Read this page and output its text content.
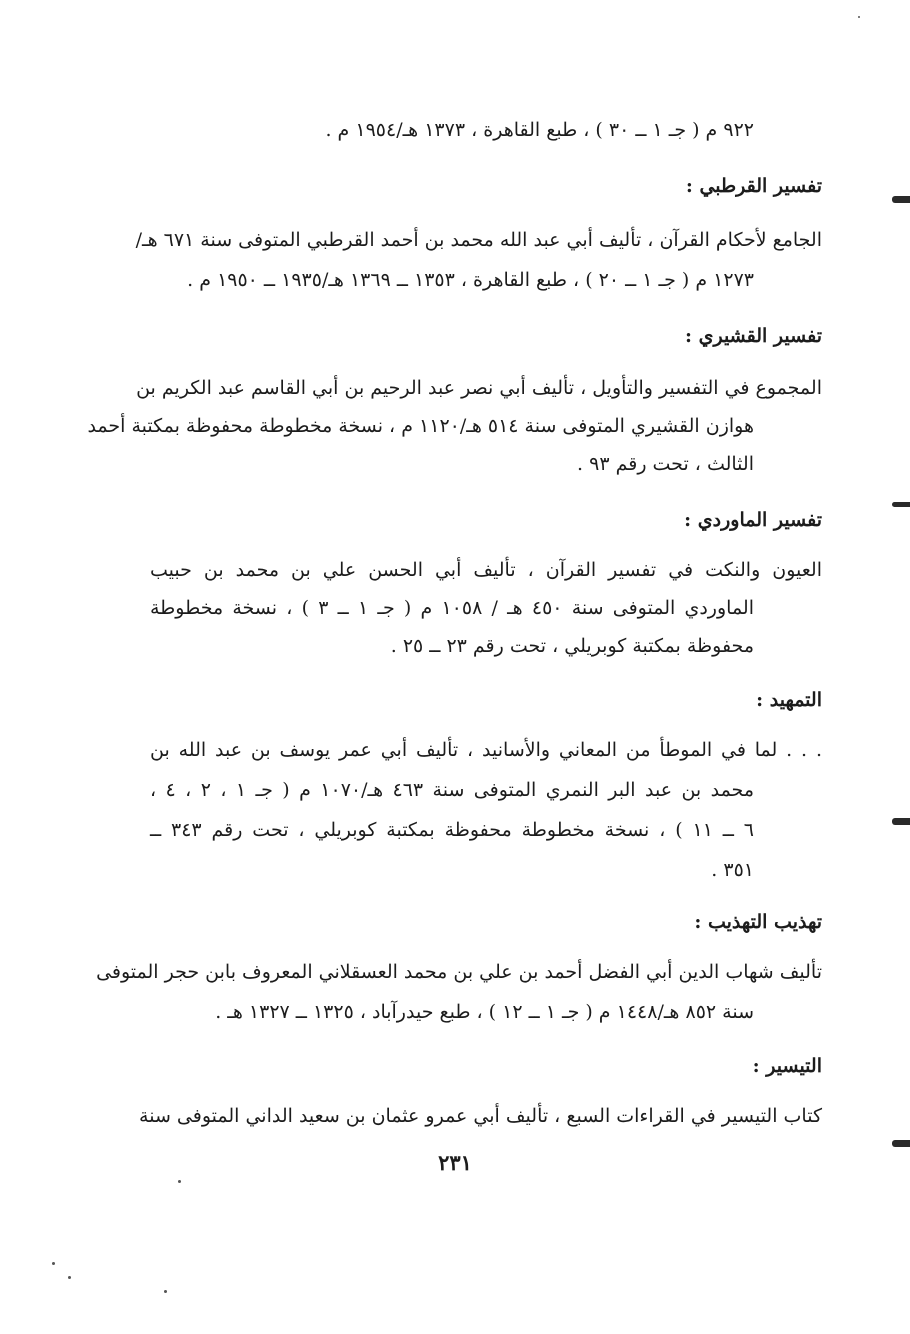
٩٢٢ م ( جـ ١ ــ ٣٠ ) ، طبع القاهرة ، ١٣٧٣ هـ/١٩٥٤ م .
تفسير القرطبي :
الجامع لأحكام القرآن ، تأليف أبي عبد الله محمد بن أحمد القرطبي المتوفى سنة ٦٧١ هـ/
١٢٧٣ م ( جـ ١ ــ ٢٠ ) ، طبع القاهرة ، ١٣٥٣ ــ ١٣٦٩ هـ/١٩٣٥ ــ ١٩٥٠ م .
تفسير القشيري :
المجموع في التفسير والتأويل ، تأليف أبي نصر عبد الرحيم بن أبي القاسم عبد الكريم بن
هوازن القشيري المتوفى سنة ٥١٤ هـ/١١٢٠ م ، نسخة مخطوطة محفوظة بمكتبة أحمد
الثالث ، تحت رقم ٩٣ .
تفسير الماوردي :
العيون والنكت في تفسير القرآن ، تأليف أبي الحسن علي بن محمد بن حبيب
الماوردي المتوفى سنة ٤٥٠ هـ / ١٠٥٨ م ( جـ ١ ــ ٣ ) ، نسخة مخطوطة
محفوظة بمكتبة كوبريلي ، تحت رقم ٢٣ ــ ٢٥ .
التمهيد :
. . . لما في الموطأ من المعاني والأسانيد ، تأليف أبي عمر يوسف بن عبد الله بن
محمد بن عبد البر النمري المتوفى سنة ٤٦٣ هـ/١٠٧٠ م ( جـ ١ ، ٢ ، ٤ ،
٦ ــ ١١ ) ، نسخة مخطوطة محفوظة بمكتبة كوبريلي ، تحت رقم ٣٤٣ ــ
٣٥١ .
تهذيب التهذيب :
تأليف شهاب الدين أبي الفضل أحمد بن علي بن محمد العسقلاني المعروف بابن حجر المتوفى
سنة ٨٥٢ هـ/١٤٤٨ م ( جـ ١ ــ ١٢ ) ، طبع حيدرآباد ، ١٣٢٥ ــ ١٣٢٧ هـ .
التيسير :
كتاب التيسير في القراءات السبع ، تأليف أبي عمرو عثمان بن سعيد الداني المتوفى سنة
٢٣١
